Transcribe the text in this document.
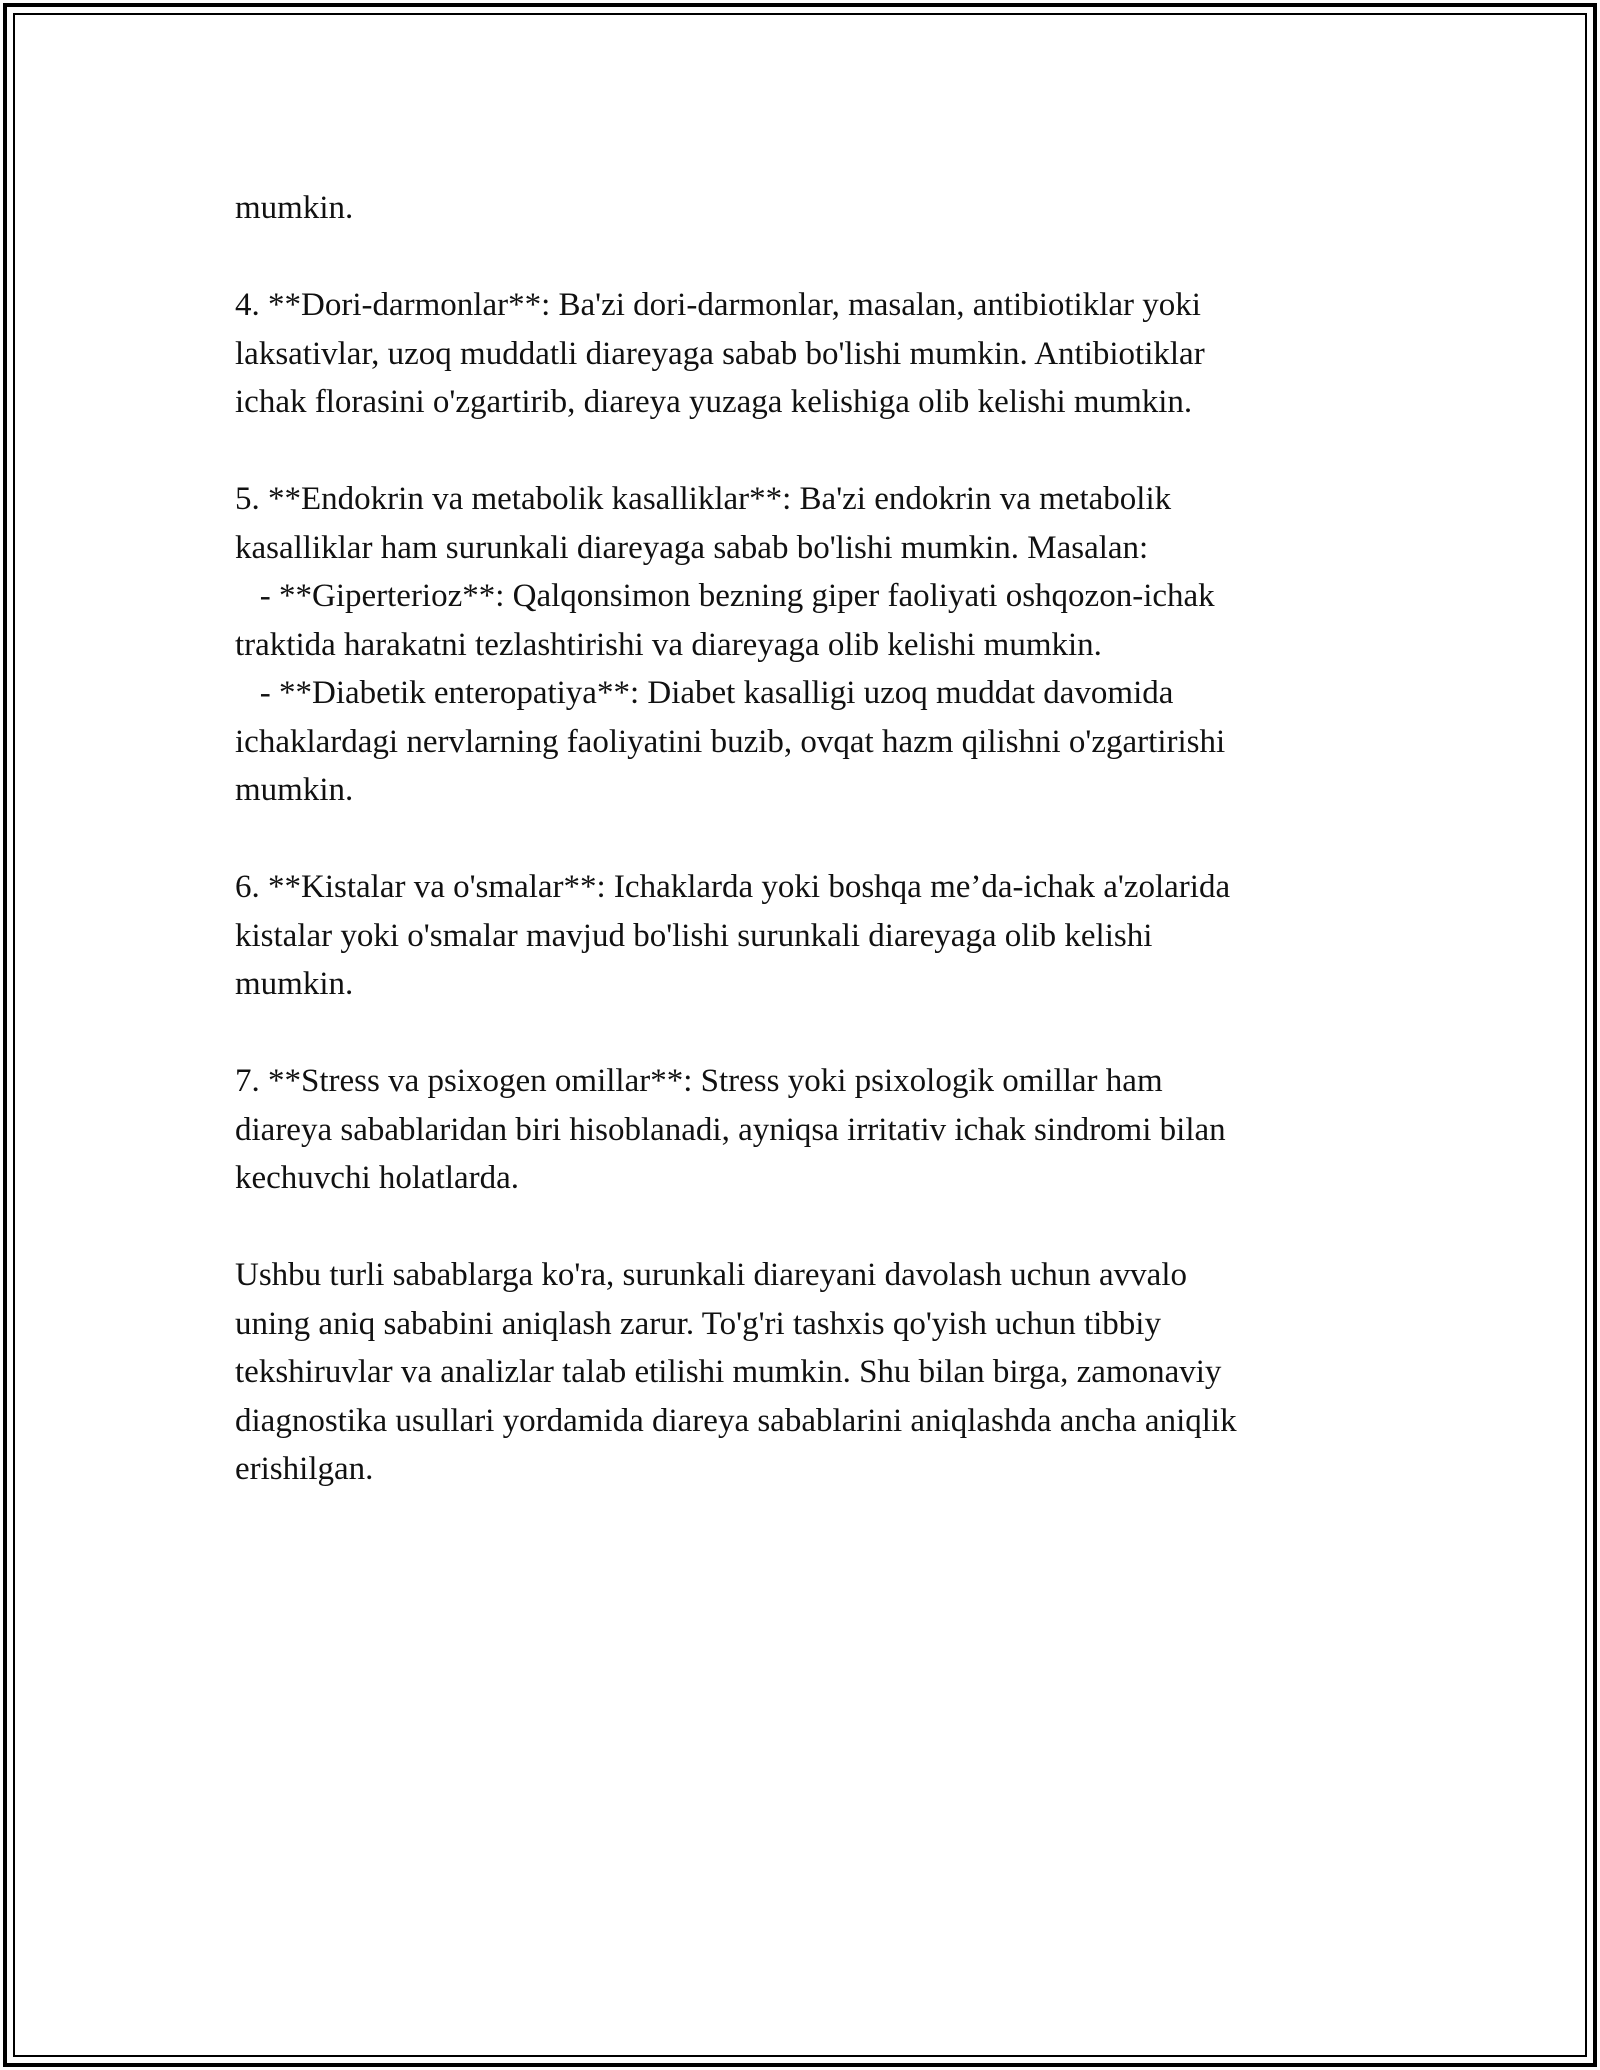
mumkin.

4. **Dori-darmonlar**: Ba'zi dori-darmonlar, masalan, antibiotiklar yoki
laksativlar, uzoq muddatli diareyaga sabab bo'lishi mumkin. Antibiotiklar
ichak florasini o'zgartirib, diareya yuzaga kelishiga olib kelishi mumkin.

5. **Endokrin va metabolik kasalliklar**: Ba'zi endokrin va metabolik
kasalliklar ham surunkali diareyaga sabab bo'lishi mumkin. Masalan:
- **Giperterioz**: Qalqonsimon bezning giper faoliyati oshqozon-ichak
traktida harakatni tezlashtirishi va diareyaga olib kelishi mumkin.
- **Diabetik enteropatiya**: Diabet kasalligi uzoq muddat davomida
ichaklardagi nervlarning faoliyatini buzib, ovqat hazm qilishni o'zgartirishi
mumkin.

6. **Kistalar va o'smalar**: Ichaklarda yoki boshqa me’da-ichak a'zolarida
kistalar yoki o'smalar mavjud bo'lishi surunkali diareyaga olib kelishi
mumkin.

7. **Stress va psixogen omillar**: Stress yoki psixologik omillar ham
diareya sabablaridan biri hisoblanadi, ayniqsa irritativ ichak sindromi bilan
kechuvchi holatlarda.

Ushbu turli sabablarga ko'ra, surunkali diareyani davolash uchun avvalo
uning aniq sababini aniqlash zarur. To'g'ri tashxis qo'yish uchun tibbiy
tekshiruvlar va analizlar talab etilishi mumkin. Shu bilan birga, zamonaviy
diagnostika usullari yordamida diareya sabablarini aniqlashda ancha aniqlik
erishilgan.
